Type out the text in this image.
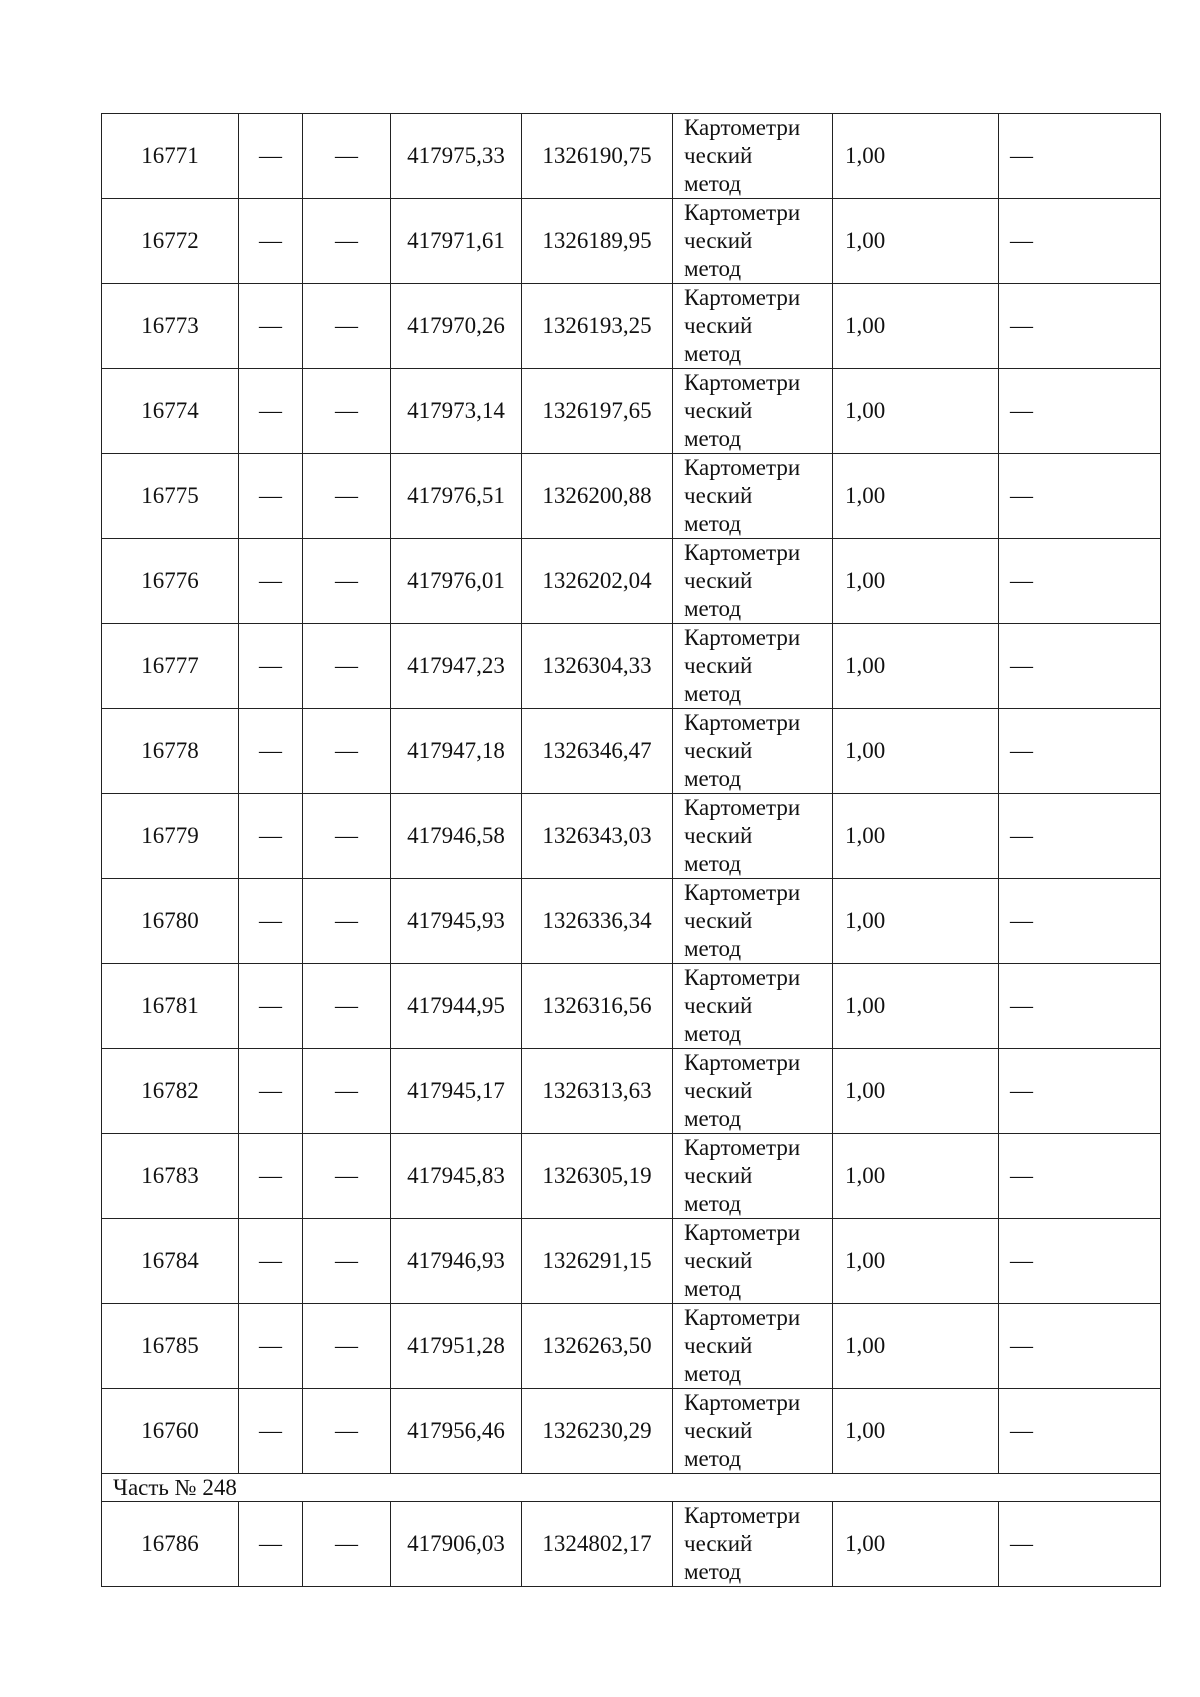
16771	—	—	417975,33	1326190,75	Картометри
ческий
метод	1,00	—
16772	—	—	417971,61	1326189,95	Картометри
ческий
метод	1,00	—
16773	—	—	417970,26	1326193,25	Картометри
ческий
метод	1,00	—
16774	—	—	417973,14	1326197,65	Картометри
ческий
метод	1,00	—
16775	—	—	417976,51	1326200,88	Картометри
ческий
метод	1,00	—
16776	—	—	417976,01	1326202,04	Картометри
ческий
метод	1,00	—
16777	—	—	417947,23	1326304,33	Картометри
ческий
метод	1,00	—
16778	—	—	417947,18	1326346,47	Картометри
ческий
метод	1,00	—
16779	—	—	417946,58	1326343,03	Картометри
ческий
метод	1,00	—
16780	—	—	417945,93	1326336,34	Картометри
ческий
метод	1,00	—
16781	—	—	417944,95	1326316,56	Картометри
ческий
метод	1,00	—
16782	—	—	417945,17	1326313,63	Картометри
ческий
метод	1,00	—
16783	—	—	417945,83	1326305,19	Картометри
ческий
метод	1,00	—
16784	—	—	417946,93	1326291,15	Картометри
ческий
метод	1,00	—
16785	—	—	417951,28	1326263,50	Картометри
ческий
метод	1,00	—
16760	—	—	417956,46	1326230,29	Картометри
ческий
метод	1,00	—
Часть № 248							
16786	—	—	417906,03	1324802,17	Картометри
ческий
метод	1,00	—
